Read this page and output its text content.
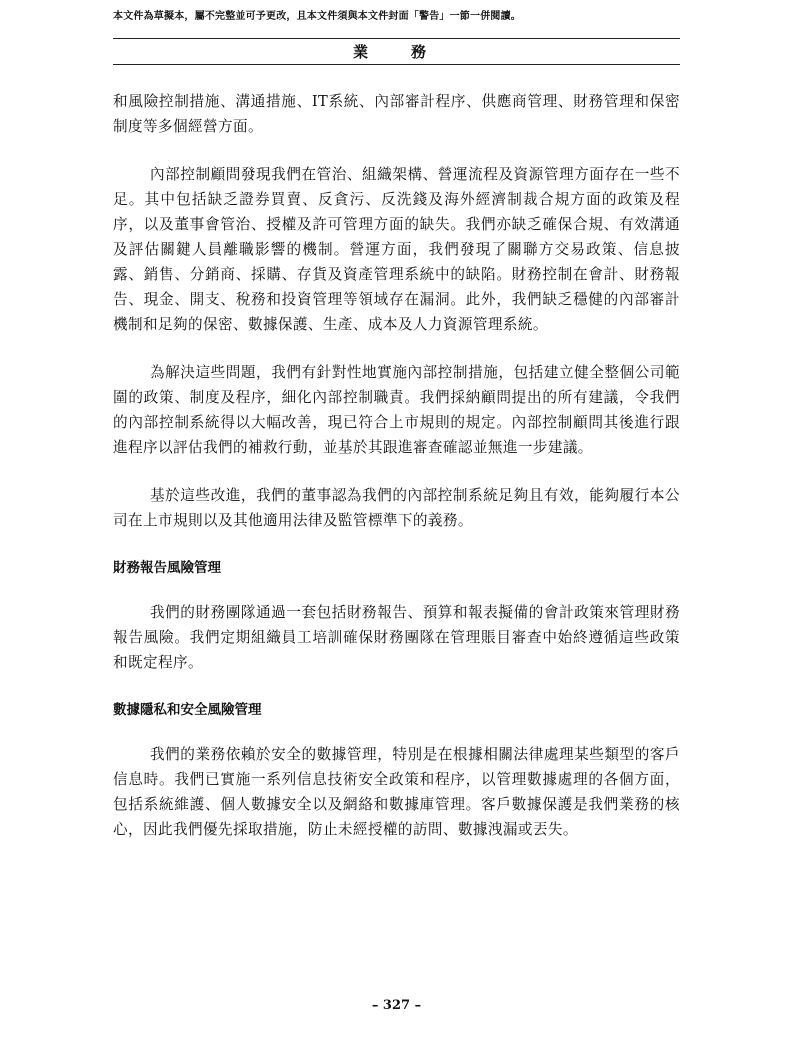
本文件為草擬本，屬不完整並可予更改，且本文件須與本文件封面「警告」一節一併閱讀。
業　務

和風險控制措施、溝通措施、IT系統、內部審計程序、供應商管理、財務管理和保密制度等多個經營方面。

內部控制顧問發現我們在管治、組織架構、營運流程及資源管理方面存在一些不足。其中包括缺乏證券買賣、反貪污、反洗錢及海外經濟制裁合規方面的政策及程序，以及董事會管治、授權及許可管理方面的缺失。我們亦缺乏確保合規、有效溝通及評估關鍵人員離職影響的機制。營運方面，我們發現了關聯方交易政策、信息披露、銷售、分銷商、採購、存貨及資產管理系統中的缺陷。財務控制在會計、財務報告、現金、開支、稅務和投資管理等領域存在漏洞。此外，我們缺乏穩健的內部審計機制和足夠的保密、數據保護、生產、成本及人力資源管理系統。

為解決這些問題，我們有針對性地實施內部控制措施，包括建立健全整個公司範圍的政策、制度及程序，細化內部控制職責。我們採納顧問提出的所有建議，令我們的內部控制系統得以大幅改善，現已符合上市規則的規定。內部控制顧問其後進行跟進程序以評估我們的補救行動，並基於其跟進審查確認並無進一步建議。

基於這些改進，我們的董事認為我們的內部控制系統足夠且有效，能夠履行本公司在上市規則以及其他適用法律及監管標準下的義務。

財務報告風險管理

我們的財務團隊通過一套包括財務報告、預算和報表擬備的會計政策來管理財務報告風險。我們定期組織員工培訓確保財務團隊在管理賬目審查中始終遵循這些政策和既定程序。

數據隱私和安全風險管理

我們的業務依賴於安全的數據管理，特別是在根據相關法律處理某些類型的客戶信息時。我們已實施一系列信息技術安全政策和程序，以管理數據處理的各個方面，包括系統維護、個人數據安全以及網絡和數據庫管理。客戶數據保護是我們業務的核心，因此我們優先採取措施，防止未經授權的訪問、數據洩漏或丟失。

– 327 –
